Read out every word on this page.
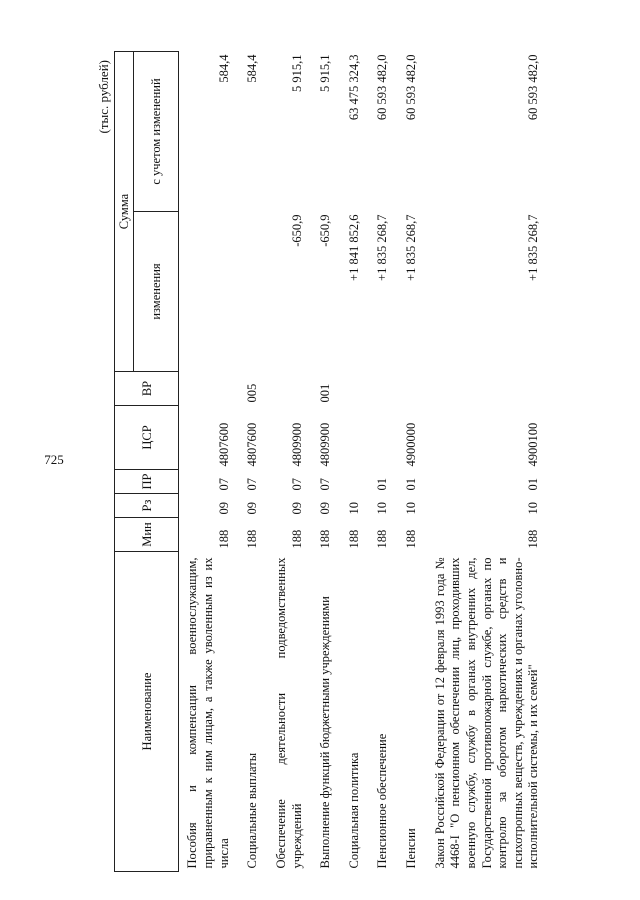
725
(тыс. рублей)
Наименование	Мин	Рз	ПР	ЦСР	ВР	Сумма	
						изменения	с учетом изменений
Пособия и компенсации военнослужащим, приравненным к ним лицам, а также уволенным из их числа	188	09	07	4807600			584,4
Социальные выплаты	188	09	07	4807600	005		584,4
Обеспечение деятельности подведомственных учреждений	188	09	07	4809900		-650,9	5 915,1
Выполнение функций бюджетными учреждениями	188	09	07	4809900	001	-650,9	5 915,1
Социальная политика	188	10				+1 841 852,6	63 475 324,3
Пенсионное обеспечение	188	10	01			+1 835 268,7	60 593 482,0
Пенсии	188	10	01	4900000		+1 835 268,7	60 593 482,0
Закон Российской Федерации от 12 февраля 1993 года № 4468-I "О пенсионном обеспечении лиц, проходивших военную службу, службу в органах внутренних дел, Государственной противопожарной службе, органах по контролю за оборотом наркотических средств и психотропных веществ, учреждениях и органах уголовно-исполнительной системы, и их семей"	188	10	01	4900100		+1 835 268,7	60 593 482,0
